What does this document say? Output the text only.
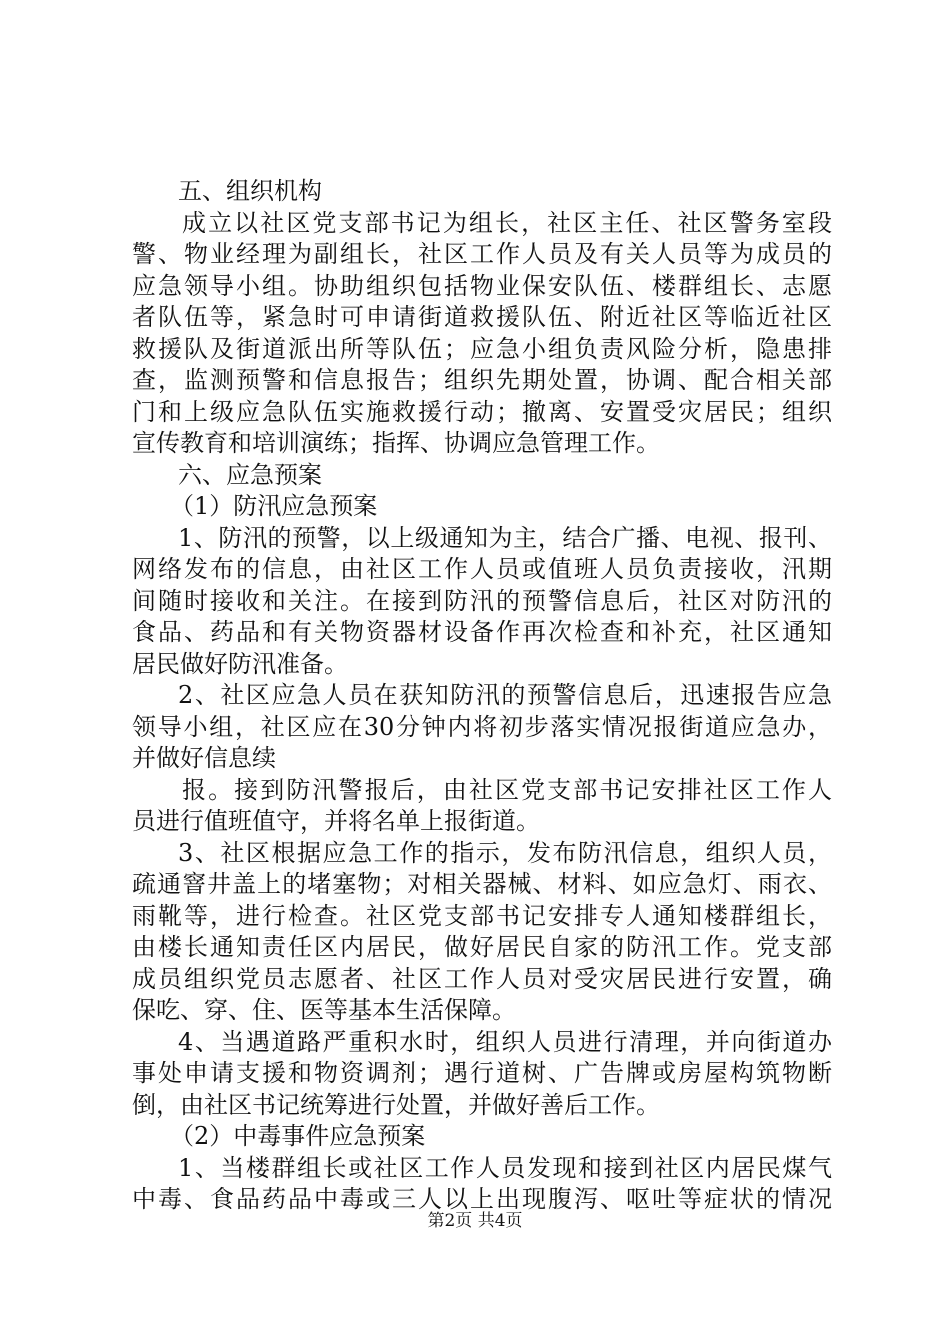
五、组织机构
成立以社区党支部书记为组长，社区主任、社区警务室段
警、物业经理为副组长，社区工作人员及有关人员等为成员的
应急领导小组。协助组织包括物业保安队伍、楼群组长、志愿
者队伍等，紧急时可申请街道救援队伍、附近社区等临近社区
救援队及街道派出所等队伍；应急小组负责风险分析，隐患排
查，监测预警和信息报告；组织先期处置，协调、配合相关部
门和上级应急队伍实施救援行动；撤离、安置受灾居民；组织
宣传教育和培训演练；指挥、协调应急管理工作。
六、应急预案
（1）防汛应急预案
1、防汛的预警，以上级通知为主，结合广播、电视、报刊、
网络发布的信息，由社区工作人员或值班人员负责接收，汛期
间随时接收和关注。在接到防汛的预警信息后，社区对防汛的
食品、药品和有关物资器材设备作再次检查和补充，社区通知
居民做好防汛准备。
2、社区应急人员在获知防汛的预警信息后，迅速报告应急
领导小组，社区应在30分钟内将初步落实情况报街道应急办，
并做好信息续
报。接到防汛警报后，由社区党支部书记安排社区工作人
员进行值班值守，并将名单上报街道。
3、社区根据应急工作的指示，发布防汛信息，组织人员，
疏通窨井盖上的堵塞物；对相关器械、材料、如应急灯、雨衣、
雨靴等，进行检查。社区党支部书记安排专人通知楼群组长，
由楼长通知责任区内居民，做好居民自家的防汛工作。党支部
成员组织党员志愿者、社区工作人员对受灾居民进行安置，确
保吃、穿、住、医等基本生活保障。
4、当遇道路严重积水时，组织人员进行清理，并向街道办
事处申请支援和物资调剂；遇行道树、广告牌或房屋构筑物断
倒，由社区书记统筹进行处置，并做好善后工作。
（2）中毒事件应急预案
1、当楼群组长或社区工作人员发现和接到社区内居民煤气
中毒、食品药品中毒或三人以上出现腹泻、呕吐等症状的情况
第2页 共4页
